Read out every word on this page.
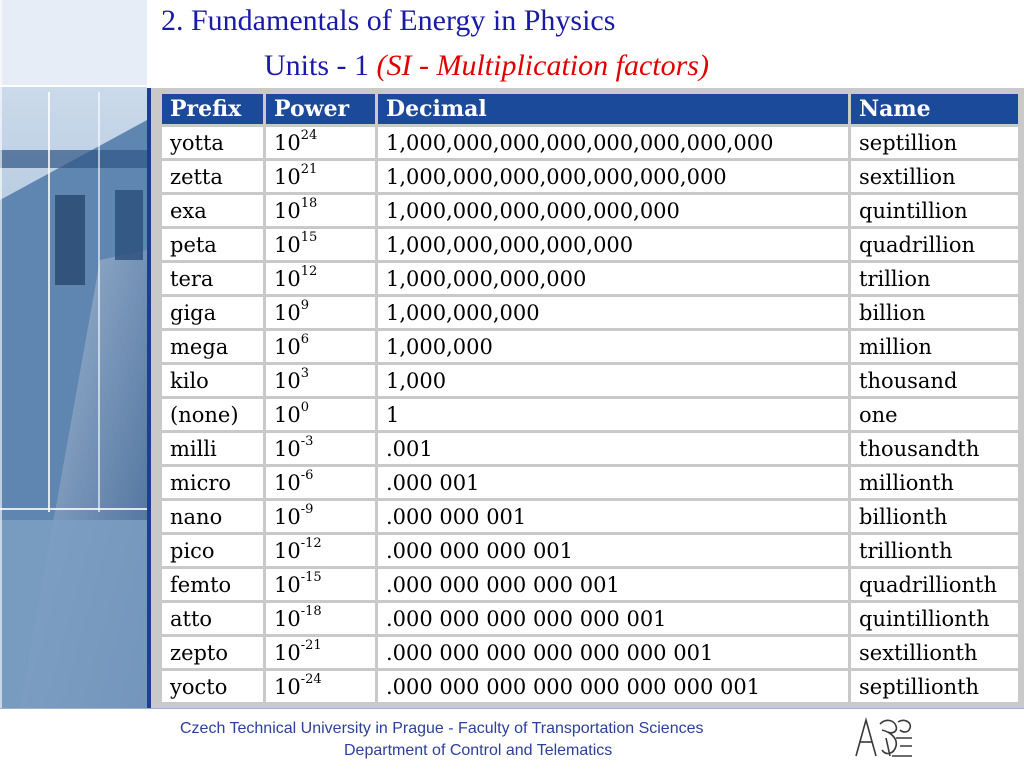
2. Fundamentals of Energy in Physics
Units - 1 (SI - Multiplication factors)
Prefix	Power	Decimal	Name
yotta	$10^{24}$	1,000,000,000,000,000,000,000,000	septillion
zetta	$10^{21}$	1,000,000,000,000,000,000,000	sextillion
exa	$10^{18}$	1,000,000,000,000,000,000	quintillion
peta	$10^{15}$	1,000,000,000,000,000	quadrillion
tera	$10^{12}$	1,000,000,000,000	trillion
giga	$10^9$	1,000,000,000	billion
mega	$10^6$	1,000,000	million
kilo	$10^3$	1,000	thousand
(none)	$10^0$	1	one
milli	$10^{-3}$	.001	thousandth
micro	$10^{-6}$	.000 001	millionth
nano	$10^{-9}$	.000 000 001	billionth
pico	$10^{-12}$	.000 000 000 001	trillionth
femto	$10^{-15}$	.000 000 000 000 001	quadrillionth
atto	$10^{-18}$	.000 000 000 000 000 001	quintillionth
zepto	$10^{-21}$	.000 000 000 000 000 000 001	sextillionth
yocto	$10^{-24}$	.000 000 000 000 000 000 000 001	septillionth
Czech Technical University in Prague - Faculty of Transportation Sciences
Department of Control and Telematics
